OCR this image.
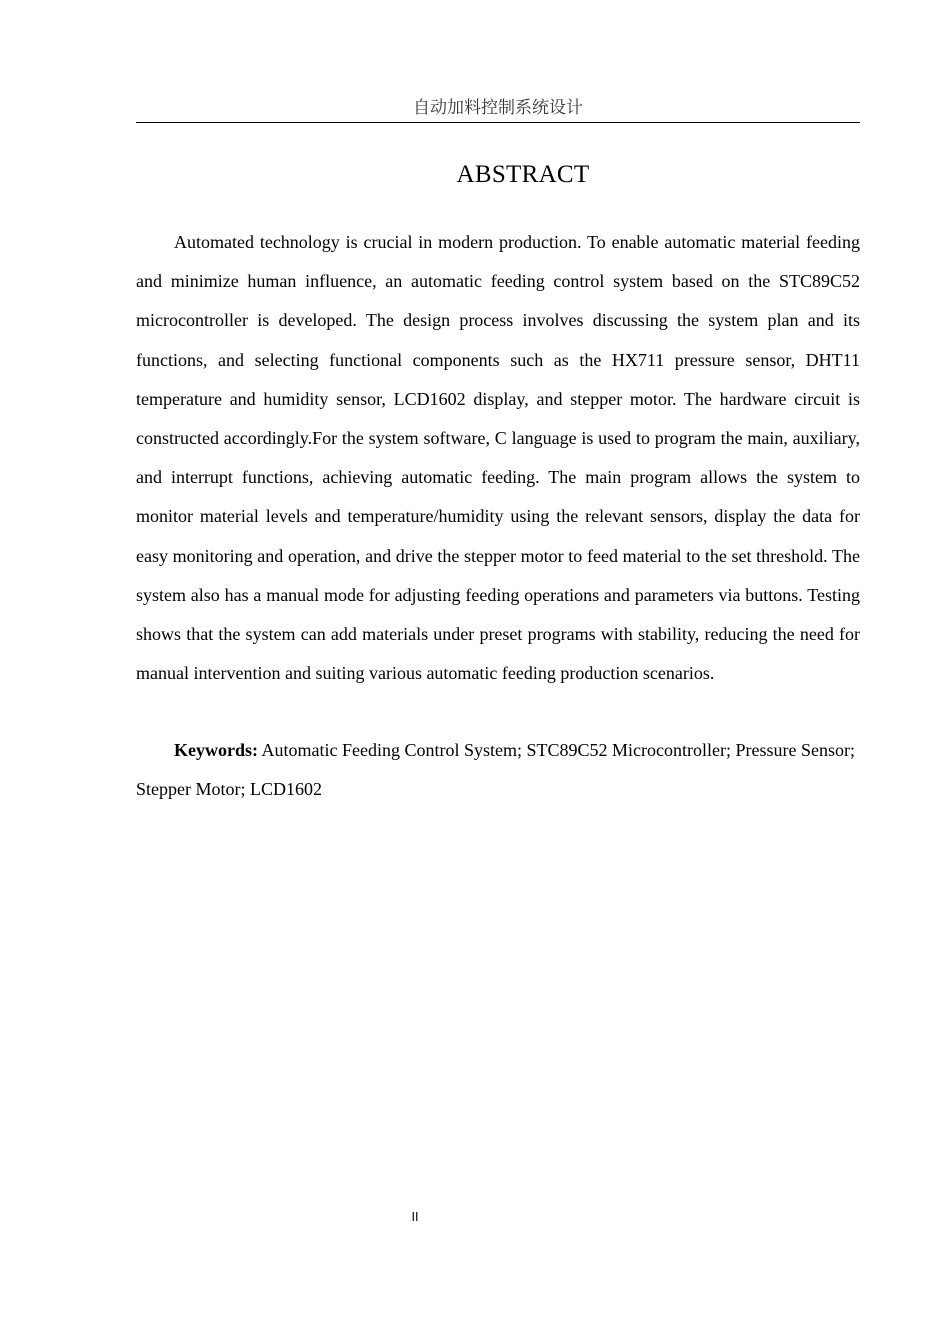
自动加料控制系统设计
ABSTRACT

Automated technology is crucial in modern production. To enable automatic material feeding and minimize human influence, an automatic feeding control system based on the STC89C52 microcontroller is developed. The design process involves discussing the system plan and its functions, and selecting functional components such as the HX711 pressure sensor, DHT11 temperature and humidity sensor, LCD1602 display, and stepper motor. The hardware circuit is constructed accordingly.For the system software, C language is used to program the main, auxiliary, and interrupt functions, achieving automatic feeding. The main program allows the system to monitor material levels and temperature/humidity using the relevant sensors, display the data for easy monitoring and operation, and drive the stepper motor to feed material to the set threshold. The system also has a manual mode for adjusting feeding operations and parameters via buttons. Testing shows that the system can add materials under preset programs with stability, reducing the need for manual intervention and suiting various automatic feeding production scenarios.

Keywords: Automatic Feeding Control System; STC89C52 Microcontroller; Pressure Sensor; Stepper Motor; LCD1602

II
